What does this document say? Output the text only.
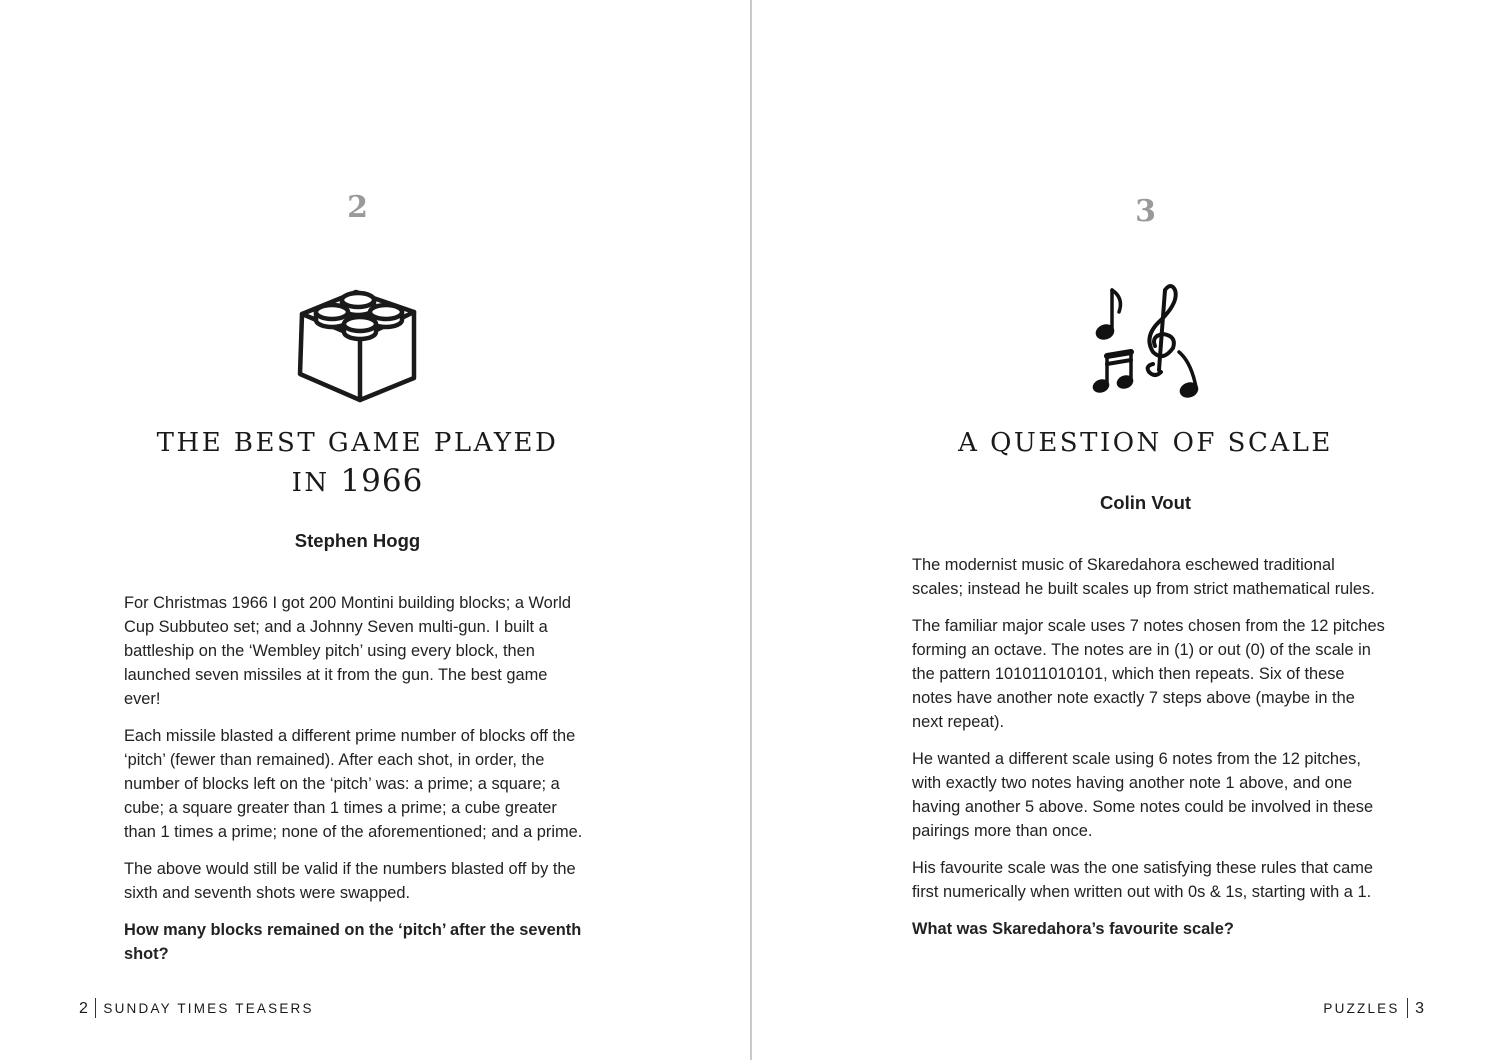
2
THE BEST GAME PLAYED
IN 1966
Stephen Hogg

For Christmas 1966 I got 200 Montini building blocks; a World Cup Subbuteo set; and a Johnny Seven multi-gun. I built a battleship on the ‘Wembley pitch’ using every block, then launched seven missiles at it from the gun. The best game ever!

Each missile blasted a different prime number of blocks off the ‘pitch’ (fewer than remained). After each shot, in order, the number of blocks left on the ‘pitch’ was: a prime; a square; a cube; a square greater than 1 times a prime; a cube greater than 1 times a prime; none of the aforementioned; and a prime.

The above would still be valid if the numbers blasted off by the sixth and seventh shots were swapped.

How many blocks remained on the ‘pitch’ after the seventh shot?

2 SUNDAY TIMES TEASERS
3
A QUESTION OF SCALE
Colin Vout

The modernist music of Skaredahora eschewed traditional scales; instead he built scales up from strict mathematical rules.

The familiar major scale uses 7 notes chosen from the 12 pitches forming an octave. The notes are in (1) or out (0) of the scale in the pattern 101011010101, which then repeats. Six of these notes have another note exactly 7 steps above (maybe in the next repeat).

He wanted a different scale using 6 notes from the 12 pitches, with exactly two notes having another note 1 above, and one having another 5 above. Some notes could be involved in these pairings more than once.

His favourite scale was the one satisfying these rules that came first numerically when written out with 0s & 1s, starting with a 1.

What was Skaredahora’s favourite scale?

PUZZLES 3
